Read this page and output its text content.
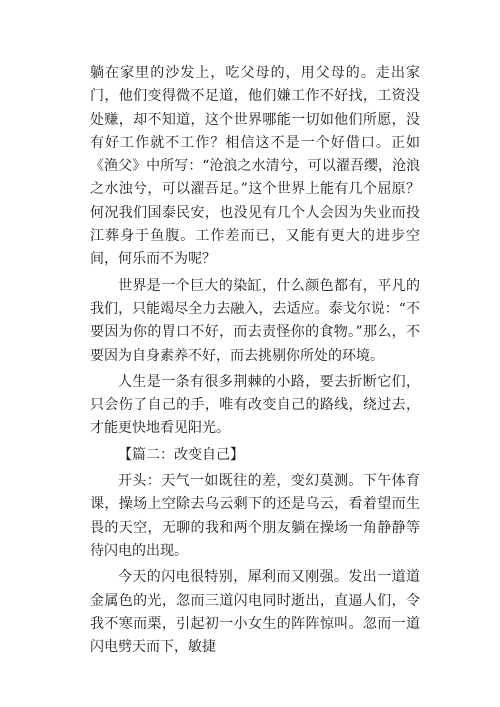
躺在家里的沙发上，吃父母的，用父母的。走出家门，他们变得微不足道，他们嫌工作不好找，工资没处赚，却不知道，这个世界哪能一切如他们所愿，没有好工作就不工作？相信这不是一个好借口。正如《渔父》中所写：“沧浪之水清兮，可以濯吾缨，沧浪之水浊兮，可以濯吾足。”这个世界上能有几个屈原？何况我们国泰民安，也没见有几个人会因为失业而投江葬身于鱼腹。工作差而已，又能有更大的进步空间，何乐而不为呢？

世界是一个巨大的染缸，什么颜色都有，平凡的我们，只能竭尽全力去融入，去适应。泰戈尔说：“不要因为你的胃口不好，而去责怪你的食物。”那么，不要因为自身素养不好，而去挑剔你所处的环境。

人生是一条有很多荆棘的小路，要去折断它们，只会伤了自己的手，唯有改变自己的路线，绕过去，才能更快地看见阳光。

【篇二：改变自己】

开头：天气一如既往的差，变幻莫测。下午体育课，操场上空除去乌云剩下的还是乌云，看着望而生畏的天空，无聊的我和两个朋友躺在操场一角静静等待闪电的出现。

今天的闪电很特别，犀利而又刚强。发出一道道金属色的光，忽而三道闪电同时逝出，直逼人们，令我不寒而栗，引起初一小女生的阵阵惊叫。忽而一道闪电劈天而下，敏捷
